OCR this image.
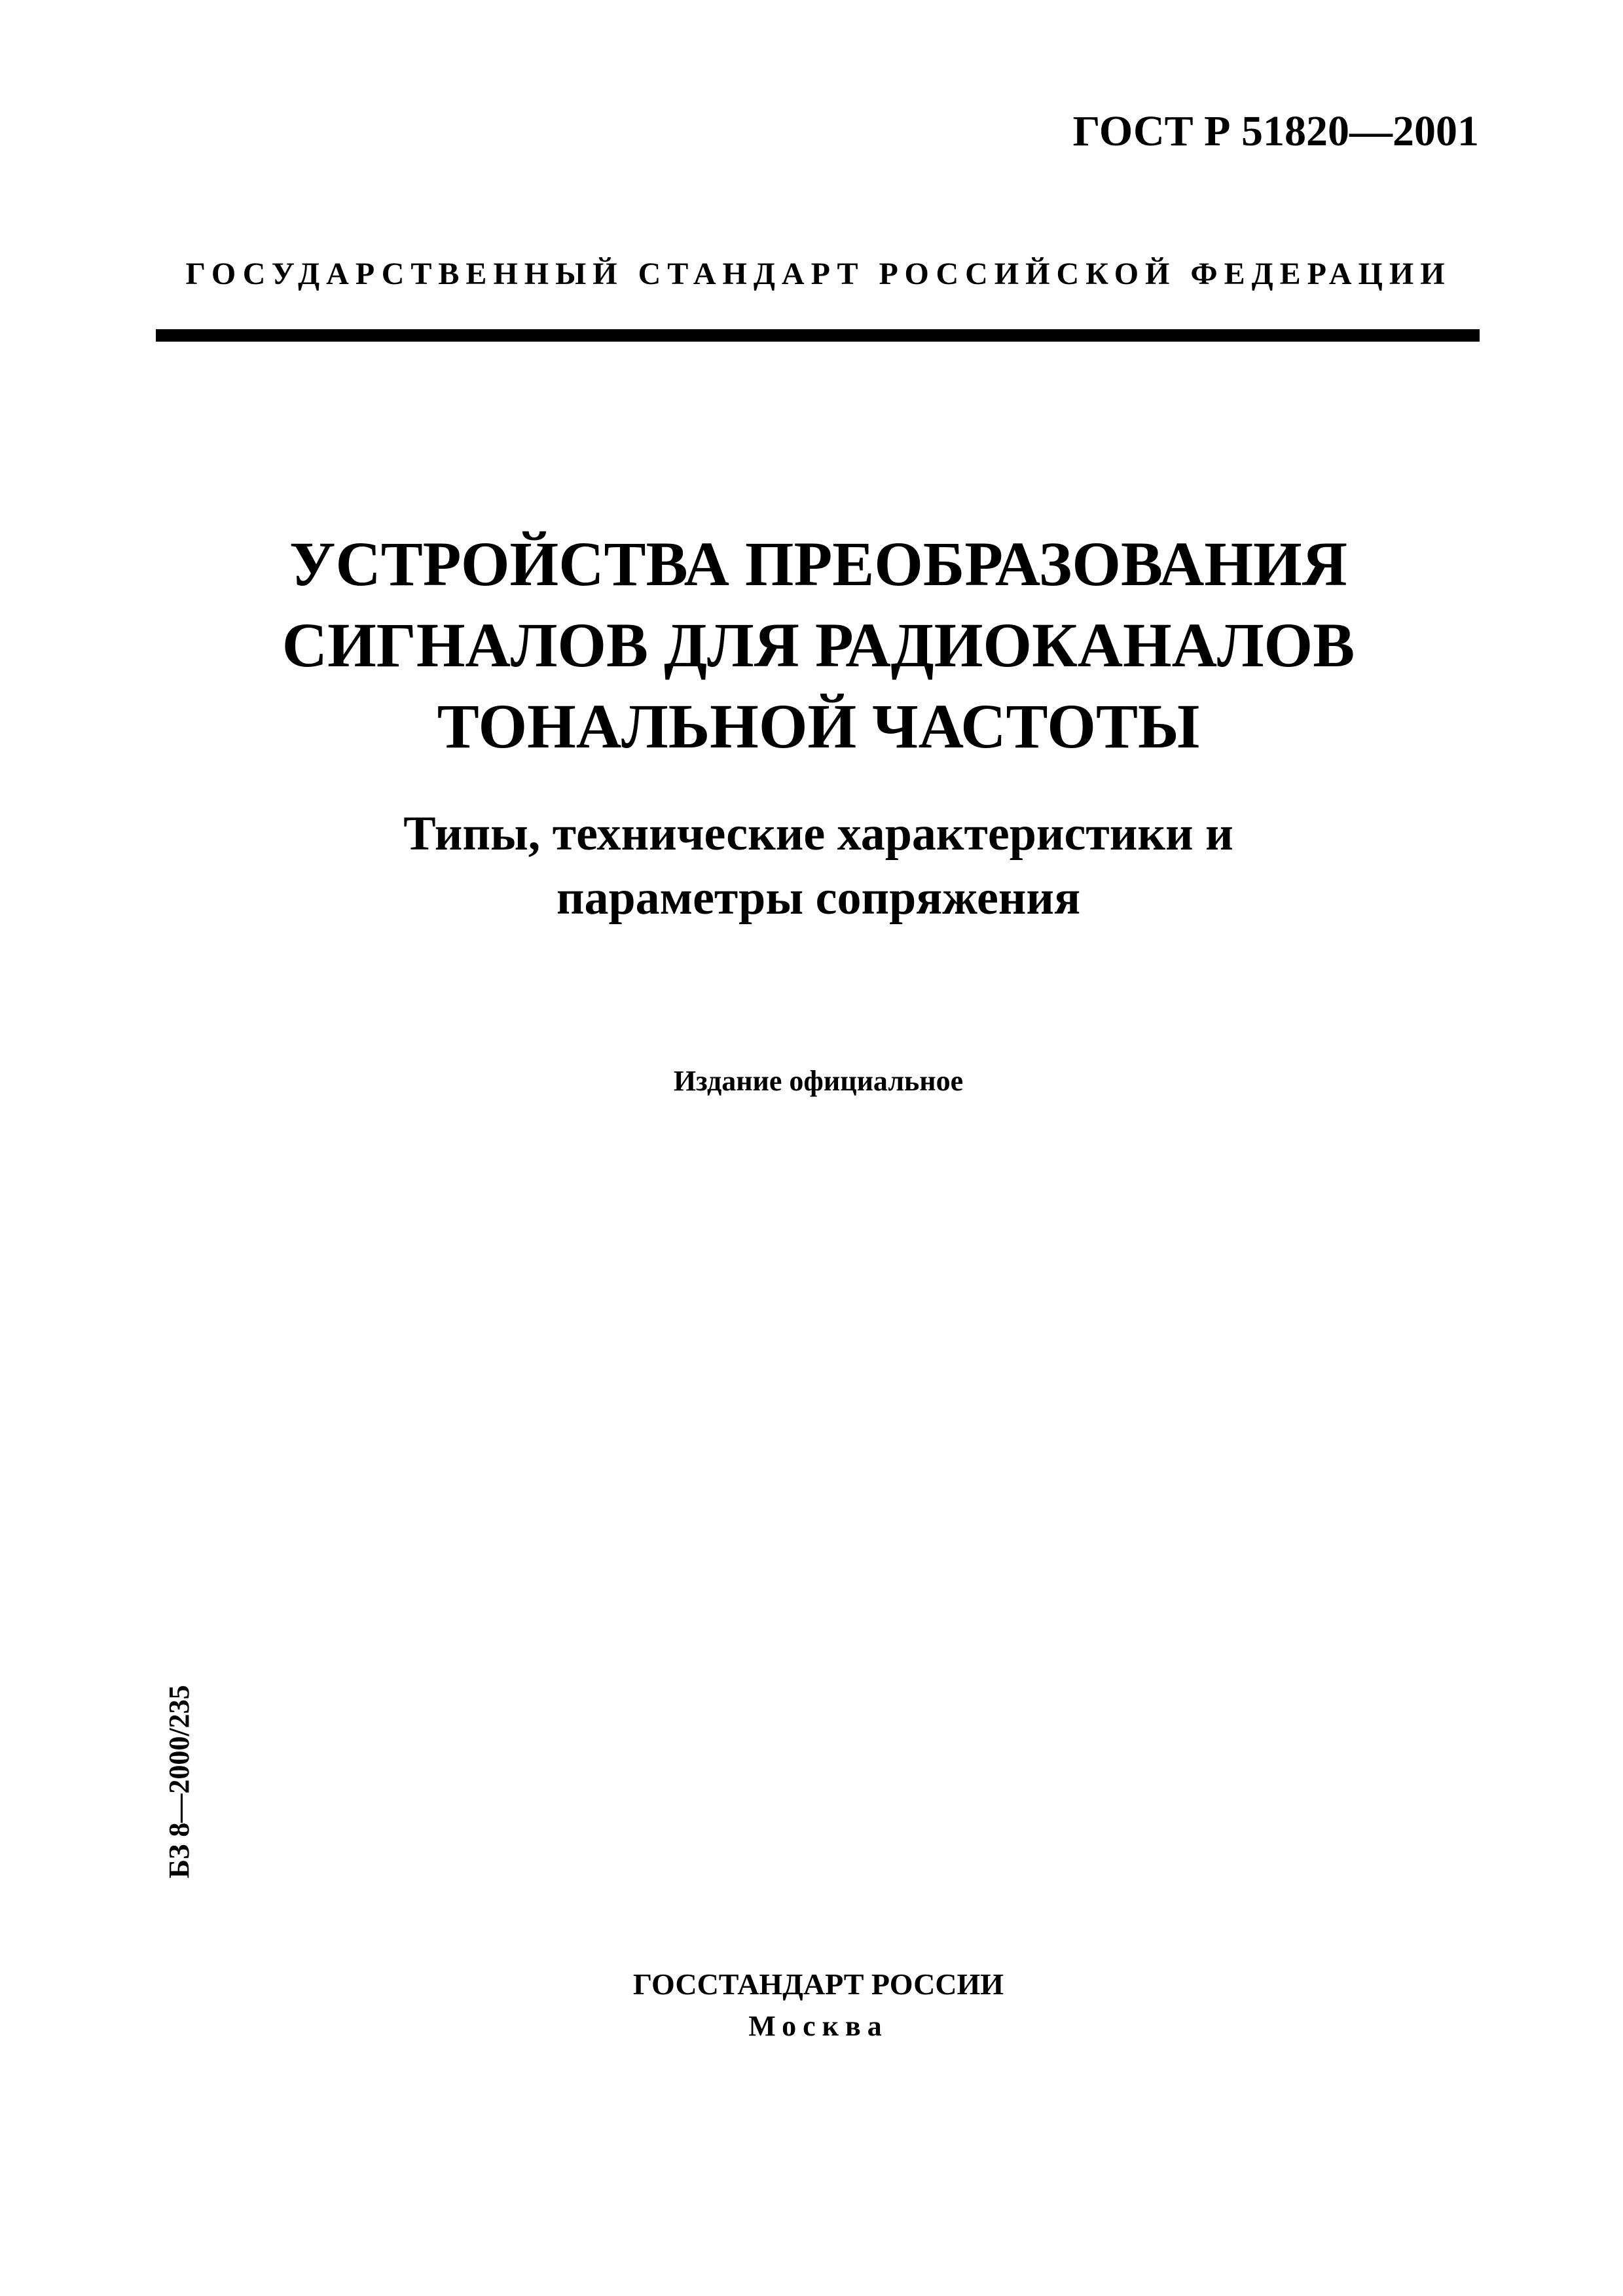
ГОСТ Р 51820—2001
ГОСУДАРСТВЕННЫЙ СТАНДАРТ РОССИЙСКОЙ ФЕДЕРАЦИИ
УСТРОЙСТВА ПРЕОБРАЗОВАНИЯ
СИГНАЛОВ ДЛЯ РАДИОКАНАЛОВ
ТОНАЛЬНОЙ ЧАСТОТЫ
Типы, технические характеристики и
параметры сопряжения
Издание официальное
БЗ 8—2000/235
ГОССТАНДАРТ РОССИИ
Москва
